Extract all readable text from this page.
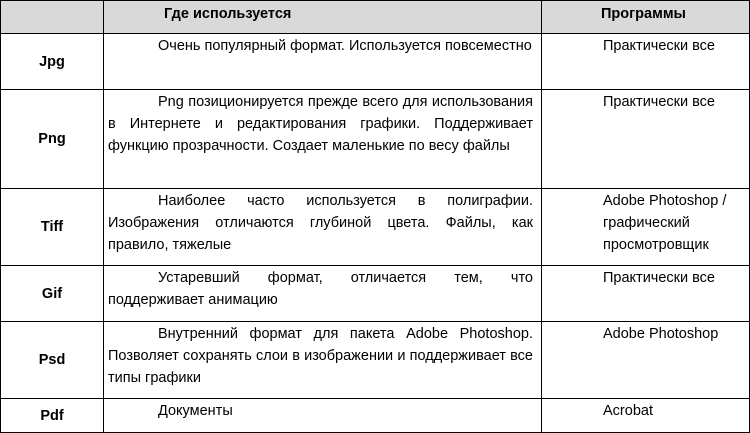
	Где используется	Программы
Jpg	Очень популярный формат. Используется повсеместно	Практически все
Png	Png позиционируется прежде всего для использования в Интернете и редактирования графики. Поддерживает функцию прозрачности. Создает маленькие по весу файлы	Практически все
Tiff	Наиболее часто используется в полиграфии. Изображения отличаются глубиной цвета. Файлы, как правило, тяжелые	Adobe Photoshop / графический просмотровщик
Gif	Устаревший формат, отличается тем, что поддерживает анимацию	Практически все
Psd	Внутренний формат для пакета Adobe Photoshop. Позволяет сохранять слои в изображении и поддерживает все типы графики	Adobe Photoshop
Pdf	Документы	Acrobat
